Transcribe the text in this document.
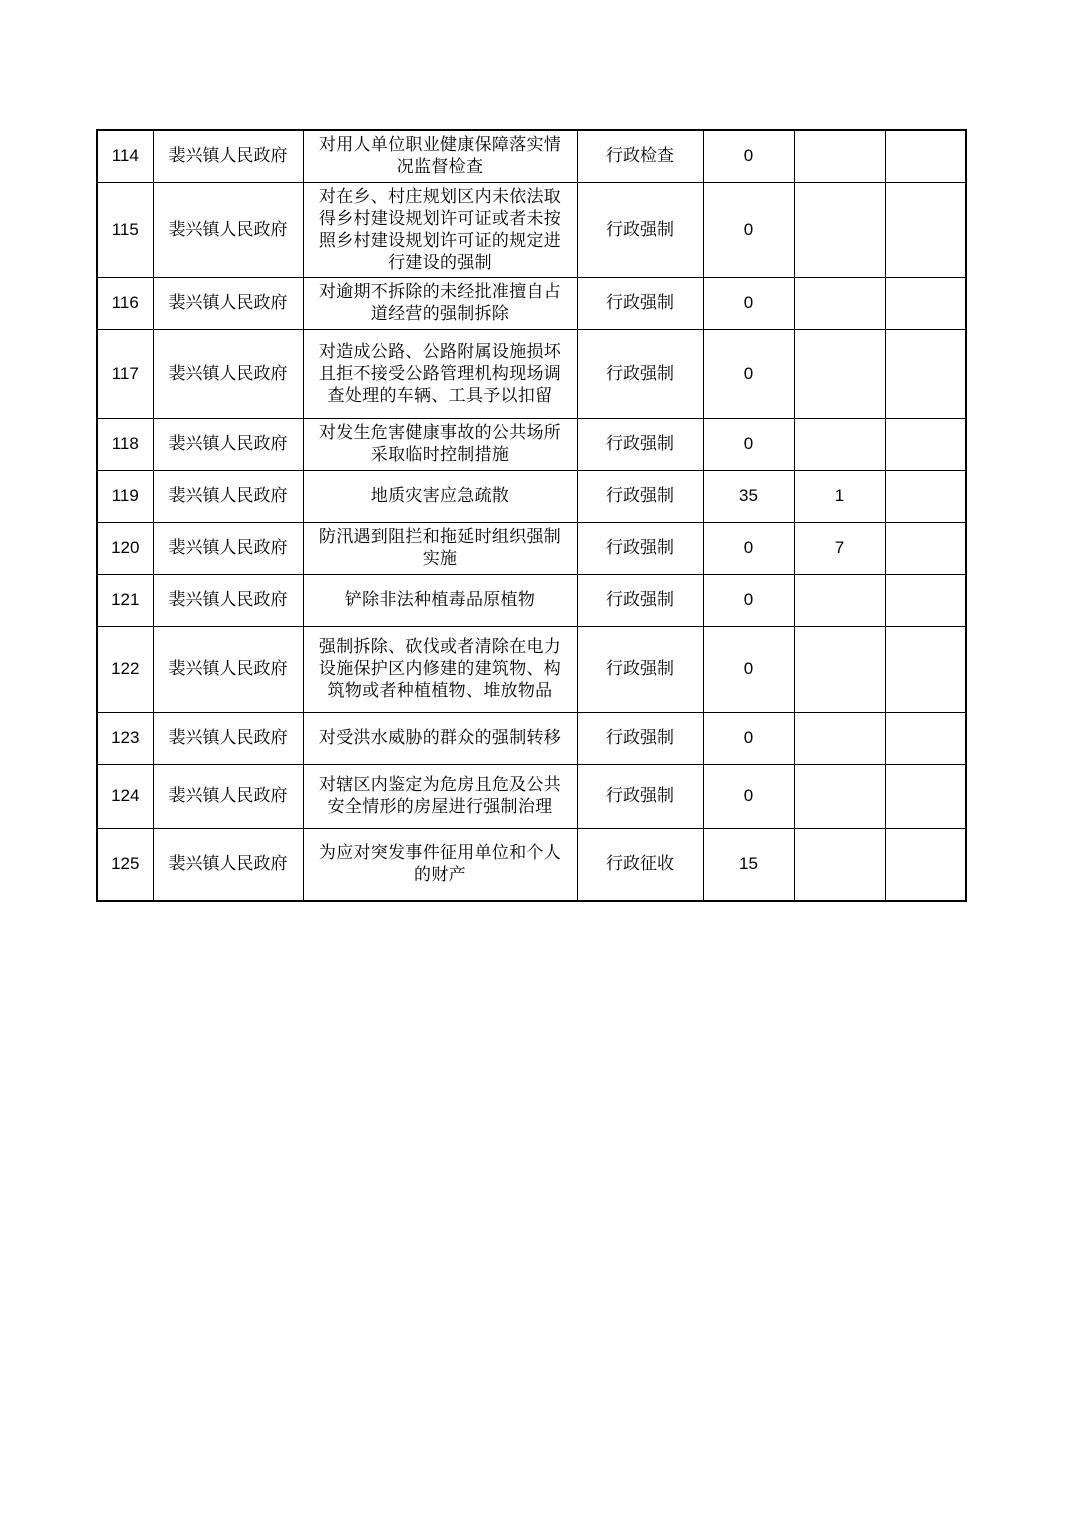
114	裴兴镇人民政府	对用人单位职业健康保障落实情况监督检查	行政检查	0		
115	裴兴镇人民政府	对在乡、村庄规划区内未依法取得乡村建设规划许可证或者未按照乡村建设规划许可证的规定进行建设的强制	行政强制	0		
116	裴兴镇人民政府	对逾期不拆除的未经批准擅自占道经营的强制拆除	行政强制	0		
117	裴兴镇人民政府	对造成公路、公路附属设施损坏且拒不接受公路管理机构现场调查处理的车辆、工具予以扣留	行政强制	0		
118	裴兴镇人民政府	对发生危害健康事故的公共场所采取临时控制措施	行政强制	0		
119	裴兴镇人民政府	地质灾害应急疏散	行政强制	35	1	
120	裴兴镇人民政府	防汛遇到阻拦和拖延时组织强制实施	行政强制	0	7	
121	裴兴镇人民政府	铲除非法种植毒品原植物	行政强制	0		
122	裴兴镇人民政府	强制拆除、砍伐或者清除在电力设施保护区内修建的建筑物、构筑物或者种植植物、堆放物品	行政强制	0		
123	裴兴镇人民政府	对受洪水威胁的群众的强制转移	行政强制	0		
124	裴兴镇人民政府	对辖区内鉴定为危房且危及公共安全情形的房屋进行强制治理	行政强制	0		
125	裴兴镇人民政府	为应对突发事件征用单位和个人的财产	行政征收	15		
